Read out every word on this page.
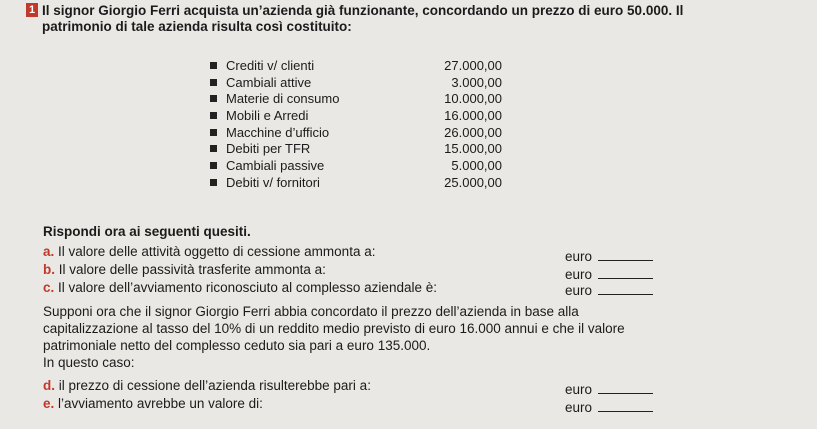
1 Il signor Giorgio Ferri acquista un’azienda già funzionante, concordando un prezzo di euro 50.000. Il

patrimonio di tale azienda risulta così costituito:

Crediti v/ clienti	27.000,00
Cambiali attive	3.000,00
Materie di consumo	10.000,00
Mobili e Arredi	16.000,00
Macchine d’ufficio	26.000,00
Debiti per TFR	15.000,00
Cambiali passive	5.000,00
Debiti v/ fornitori	25.000,00

Rispondi ora ai seguenti quesiti.

a. Il valore delle attività oggetto di cessione ammonta a:	euro
b. Il valore delle passività trasferite ammonta a:	euro
c. Il valore dell’avviamento riconosciuto al complesso aziendale è:	euro

Supponi ora che il signor Giorgio Ferri abbia concordato il prezzo dell’azienda in base alla

capitalizzazione al tasso del 10% di un reddito medio previsto di euro 16.000 annui e che il valore

patrimoniale netto del complesso ceduto sia pari a euro 135.000.

In questo caso:

d. il prezzo di cessione dell’azienda risulterebbe pari a:	euro
e. l’avviamento avrebbe un valore di:	euro
